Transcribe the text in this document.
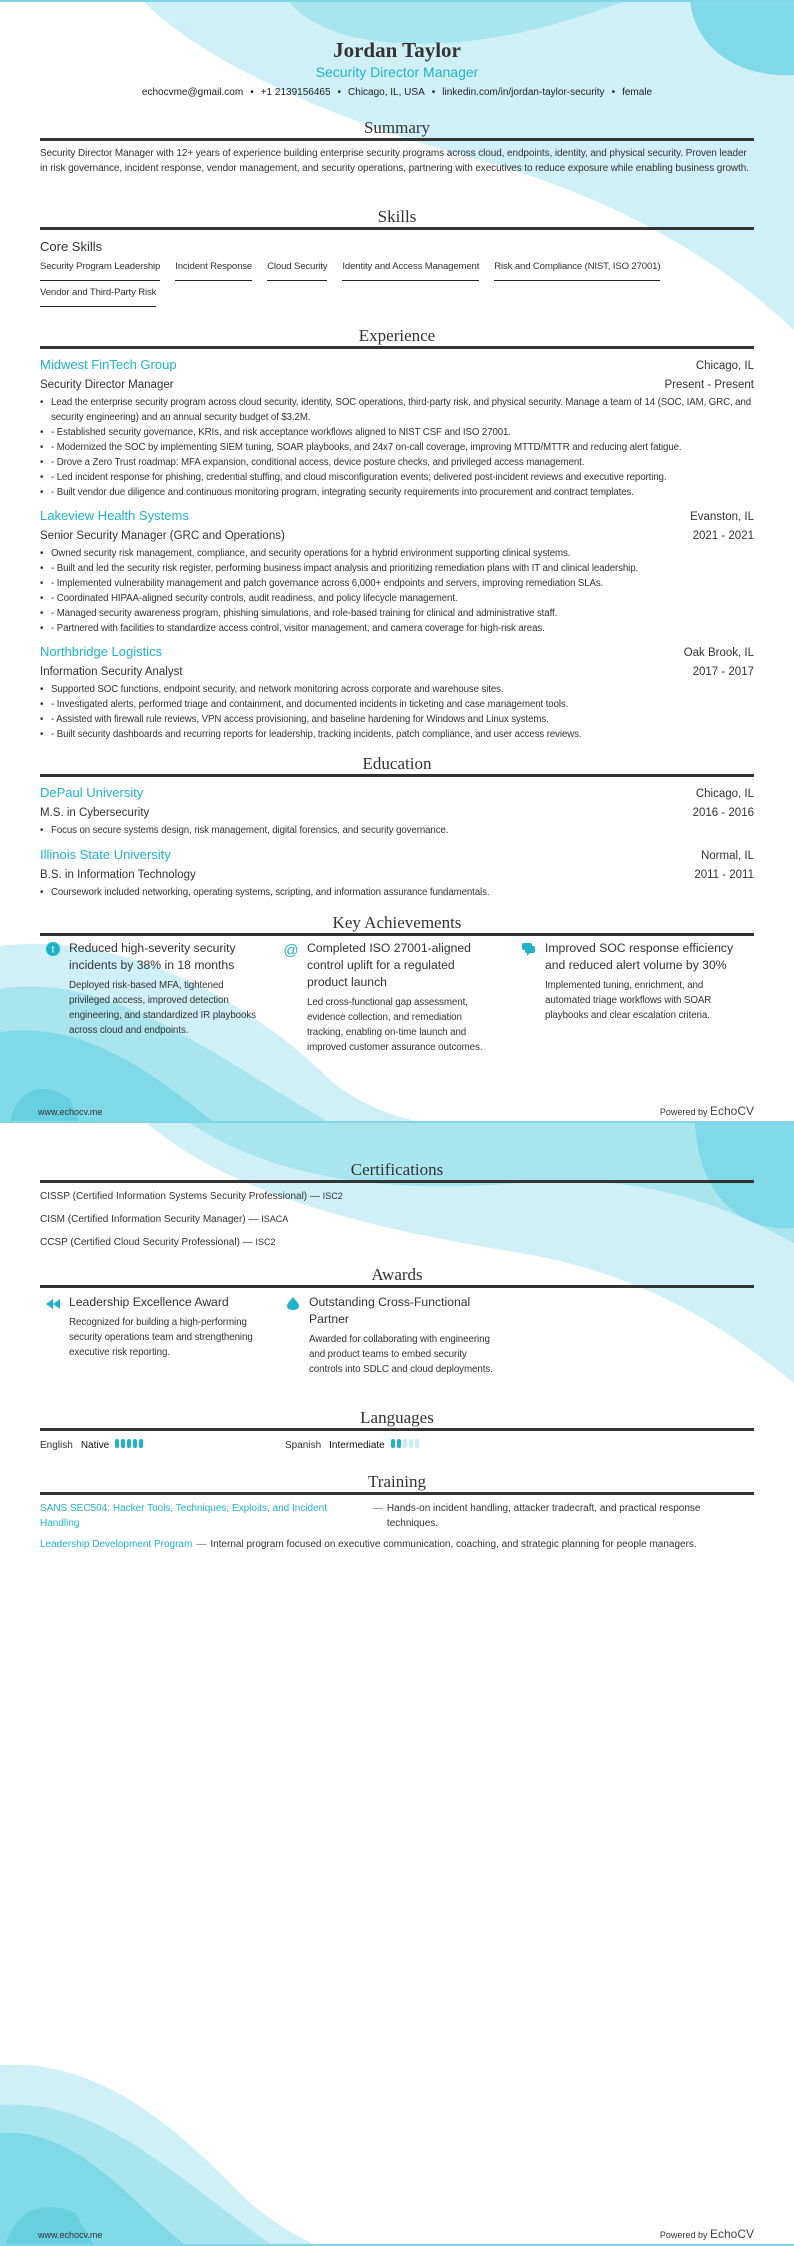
Jordan Taylor
Security Director Manager
echocvme@gmail.com • +1 2139156465 • Chicago, IL, USA • linkedin.com/in/jordan-taylor-security • female
Summary
Security Director Manager with 12+ years of experience building enterprise security programs across cloud, endpoints, identity, and physical security. Proven leader in risk governance, incident response, vendor management, and security operations, partnering with executives to reduce exposure while enabling business growth.
Skills
Core Skills
Security Program Leadership Incident Response Cloud Security Identity and Access Management Risk and Compliance (NIST, ISO 27001)
Vendor and Third-Party Risk
Experience
Midwest FinTech Group	Chicago, IL
Security Director Manager	Present - Present
• Lead the enterprise security program across cloud security, identity, SOC operations, third-party risk, and physical security. Manage a team of 14 (SOC, IAM, GRC, and security engineering) and an annual security budget of $3.2M.
• - Established security governance, KRIs, and risk acceptance workflows aligned to NIST CSF and ISO 27001.
• - Modernized the SOC by implementing SIEM tuning, SOAR playbooks, and 24x7 on-call coverage, improving MTTD/MTTR and reducing alert fatigue.
• - Drove a Zero Trust roadmap: MFA expansion, conditional access, device posture checks, and privileged access management.
• - Led incident response for phishing, credential stuffing, and cloud misconfiguration events; delivered post-incident reviews and executive reporting.
• - Built vendor due diligence and continuous monitoring program, integrating security requirements into procurement and contract templates.
Lakeview Health Systems	Evanston, IL
Senior Security Manager (GRC and Operations)	2021 - 2021
• Owned security risk management, compliance, and security operations for a hybrid environment supporting clinical systems.
• - Built and led the security risk register, performing business impact analysis and prioritizing remediation plans with IT and clinical leadership.
• - Implemented vulnerability management and patch governance across 6,000+ endpoints and servers, improving remediation SLAs.
• - Coordinated HIPAA-aligned security controls, audit readiness, and policy lifecycle management.
• - Managed security awareness program, phishing simulations, and role-based training for clinical and administrative staff.
• - Partnered with facilities to standardize access control, visitor management, and camera coverage for high-risk areas.
Northbridge Logistics	Oak Brook, IL
Information Security Analyst	2017 - 2017
• Supported SOC functions, endpoint security, and network monitoring across corporate and warehouse sites.
• - Investigated alerts, performed triage and containment, and documented incidents in ticketing and case management tools.
• - Assisted with firewall rule reviews, VPN access provisioning, and baseline hardening for Windows and Linux systems.
• - Built security dashboards and recurring reports for leadership, tracking incidents, patch compliance, and user access reviews.
Education
DePaul University	Chicago, IL
M.S. in Cybersecurity	2016 - 2016
• Focus on secure systems design, risk management, digital forensics, and security governance.
Illinois State University	Normal, IL
B.S. in Information Technology	2011 - 2011
• Coursework included networking, operating systems, scripting, and information assurance fundamentals.
Key Achievements
t Reduced high-severity security incidents by 38% in 18 months
Deployed risk-based MFA, tightened privileged access, improved detection engineering, and standardized IR playbooks across cloud and endpoints.
@ Completed ISO 27001-aligned control uplift for a regulated product launch
Led cross-functional gap assessment, evidence collection, and remediation tracking, enabling on-time launch and improved customer assurance outcomes.
Improved SOC response efficiency and reduced alert volume by 30%
Implemented tuning, enrichment, and automated triage workflows with SOAR playbooks and clear escalation criteria.
www.echocv.me	Powered by EchoCV
Certifications
CISSP (Certified Information Systems Security Professional) — ISC2
CISM (Certified Information Security Manager) — ISACA
CCSP (Certified Cloud Security Professional) — ISC2
Awards
Leadership Excellence Award
Recognized for building a high-performing security operations team and strengthening executive risk reporting.
Outstanding Cross-Functional Partner
Awarded for collaborating with engineering and product teams to embed security controls into SDLC and cloud deployments.
Languages
English Native	Spanish Intermediate
Training
SANS SEC504: Hacker Tools, Techniques, Exploits, and Incident Handling
— Hands-on incident handling, attacker tradecraft, and practical response techniques.
Leadership Development Program — Internal program focused on executive communication, coaching, and strategic planning for people managers.
www.echocv.me	Powered by EchoCV
